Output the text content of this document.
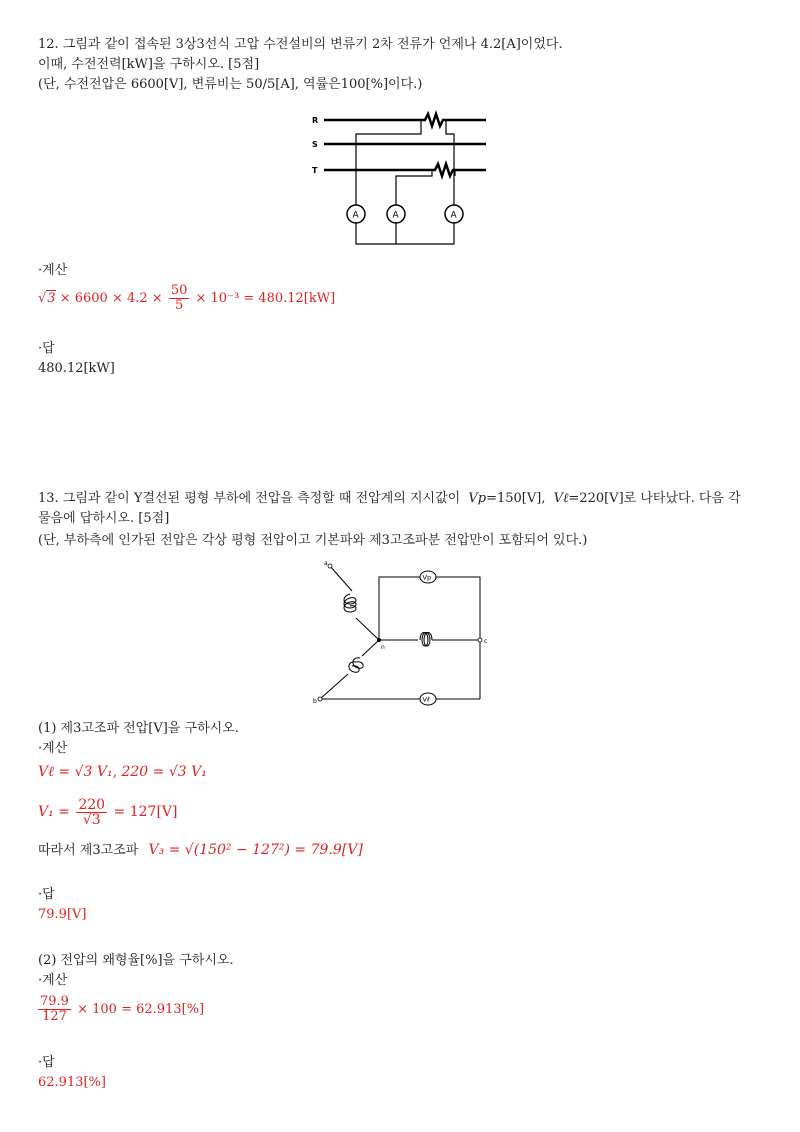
12. 그림과 같이 접속된 3상3선식 고압 수전설비의 변류기 2차 전류가 언제나 4.2[A]이었다.
이때, 수전전력[kW]을 구하시오. [5점]
(단, 수전전압은 6600[V], 변류비는 50/5[A], 역률은100[%]이다.)
R
S
T
A	A	A
·계산
$√3 \times 6600 \times 4.2 \times \frac{50}{5} \times 10^{-3} = 480.12[kW]$
·답
480.12[kW]
13. 그림과 같이 Y결선된 평형 부하에 전압을 측정할 때 전압계의 지시값이 Vp=150[V], Vℓ=220[V]로 나타났다. 다음 각
물음에 답하시오. [5점]
(단, 부하측에 인가된 전압은 각상 평형 전압이고 기본파와 제3고조파분 전압만이 포함되어 있다.)
a
b
c
n
Vp
Vℓ
(1) 제3고조파 전압[V]을 구하시오.
·계산
Vℓ = √3 V₁, 220 = √3 V₁
$V_1 = \frac{220}{√3} = 127[V]$
따라서 제3고조파 V₃ = √(150² − 127²) = 79.9[V]
·답
79.9[V]
(2) 전압의 왜형율[%]을 구하시오.
·계산
$\frac{79.9}{127} \times 100 = 62.913[\%]$
·답
62.913[%]
